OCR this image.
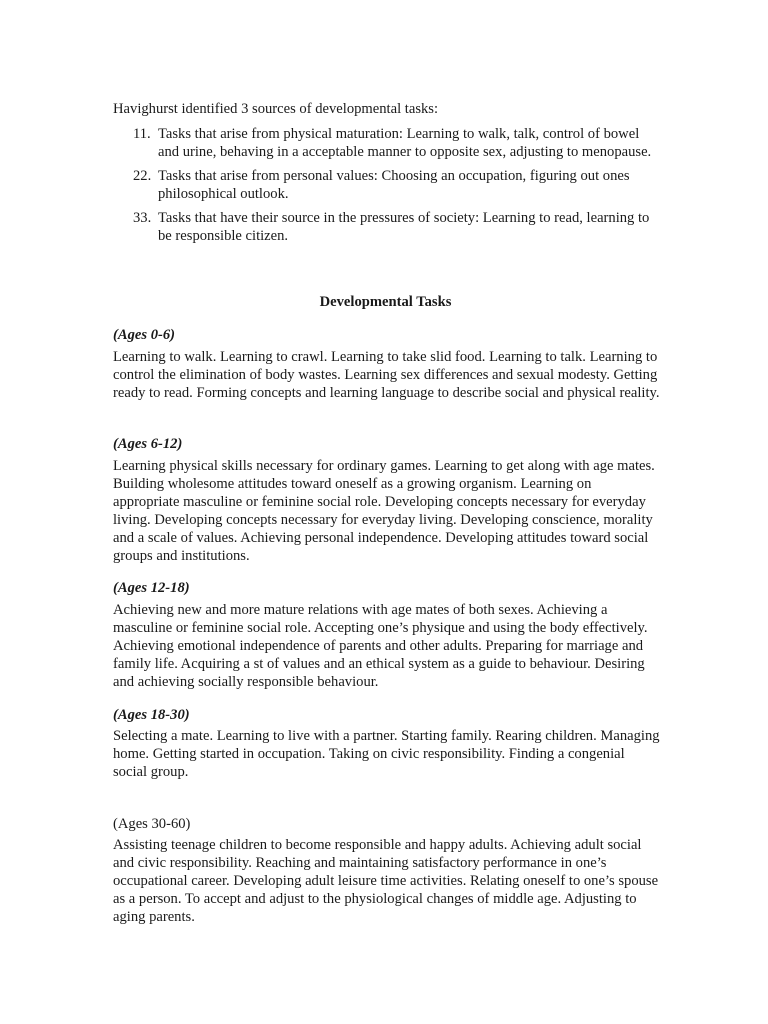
Havighurst identified 3 sources of developmental tasks:
11. Tasks that arise from physical maturation: Learning to walk, talk, control of bowel and urine, behaving in a acceptable manner to opposite sex, adjusting to menopause.
22. Tasks that arise from personal values: Choosing an occupation, figuring out ones philosophical outlook.
33. Tasks that have their source in the pressures of society: Learning to read, learning to be responsible citizen.
Developmental Tasks
(Ages 0-6)
Learning to walk. Learning to crawl. Learning to take slid food. Learning to talk. Learning to control the elimination of body wastes. Learning sex differences and sexual modesty. Getting ready to read. Forming concepts and learning language to describe social and physical reality.
(Ages 6-12)
Learning physical skills necessary for ordinary games. Learning to get along with age mates. Building wholesome attitudes toward oneself as a growing organism. Learning on appropriate masculine or feminine social role. Developing concepts necessary for everyday living. Developing concepts necessary for everyday living. Developing conscience, morality and a scale of values. Achieving personal independence. Developing attitudes toward social groups and institutions.
(Ages 12-18)
Achieving new and more mature relations with age mates of both sexes. Achieving a masculine or feminine social role. Accepting one’s physique and using the body effectively. Achieving emotional independence of parents and other adults. Preparing for marriage and family life. Acquiring a st of values and an ethical system as a guide to behaviour. Desiring and achieving socially responsible behaviour.
(Ages 18-30)
Selecting a mate. Learning to live with a partner. Starting family. Rearing children. Managing home. Getting started in occupation. Taking on civic responsibility. Finding a congenial social group.
(Ages 30-60)
Assisting teenage children to become responsible and happy adults. Achieving adult social and civic responsibility. Reaching and maintaining satisfactory performance in one’s occupational career. Developing adult leisure time activities. Relating oneself to one’s spouse as a person. To accept and adjust to the physiological changes of middle age. Adjusting to aging parents.
